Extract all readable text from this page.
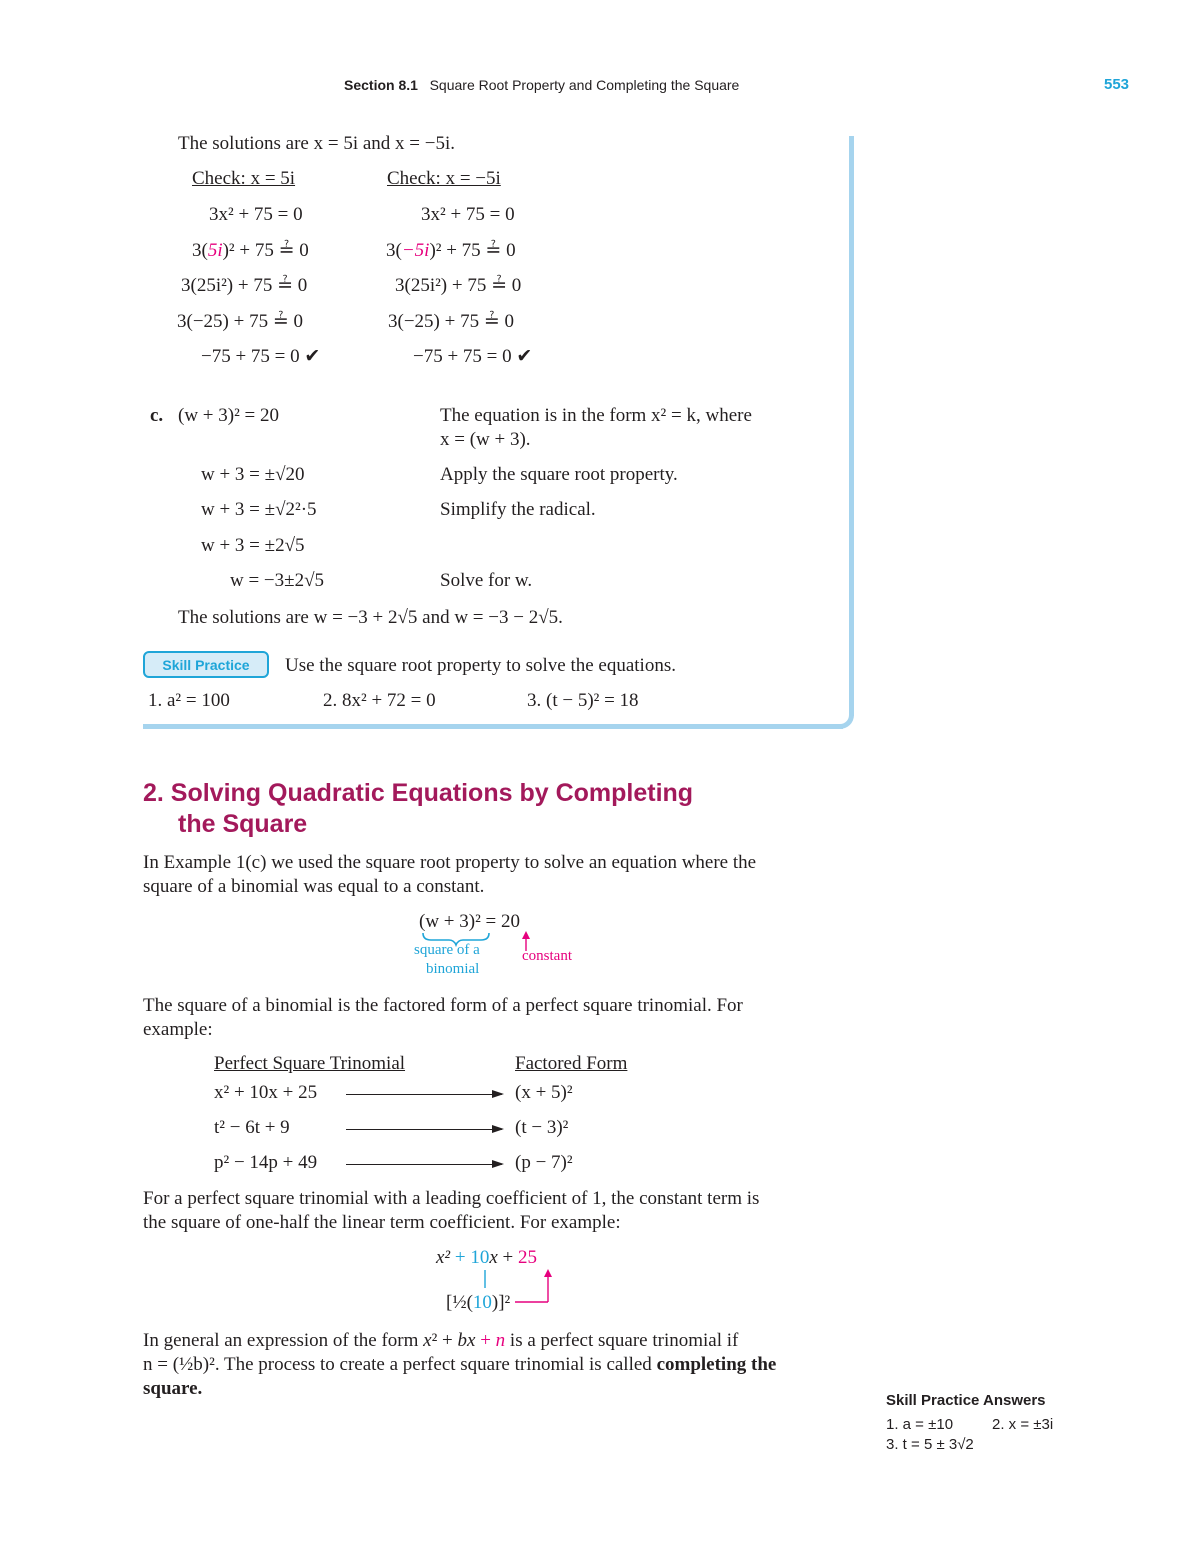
Section 8.1 Square Root Property and Completing the Square	553
The solutions are x = 5i and x = −5i.
Check: x = 5i
3x² + 75 = 0
3(5i)² + 75 ≟ 0
3(25i²) + 75 ≟ 0
3(−25) + 75 ≟ 0
−75 + 75 = 0 ✔
Check: x = −5i
3x² + 75 = 0
3(−5i)² + 75 ≟ 0
3(25i²) + 75 ≟ 0
3(−25) + 75 ≟ 0
−75 + 75 = 0 ✔
c. (w + 3)² = 20	The equation is in the form x² = k, where
x = (w + 3).
w + 3 = ±√20	Apply the square root property.
w + 3 = ±√2²·5	Simplify the radical.
w + 3 = ±2√5
w = −3±2√5	Solve for w.
The solutions are w = −3 + 2√5 and w = −3 − 2√5.
Skill Practice	Use the square root property to solve the equations.
1. a² = 100	2. 8x² + 72 = 0	3. (t − 5)² = 18
2. Solving Quadratic Equations by Completing
the Square
In Example 1(c) we used the square root property to solve an equation where the
square of a binomial was equal to a constant.
(w + 3)² = 20
square of a
binomial
constant
The square of a binomial is the factored form of a perfect square trinomial. For
example:
Perfect Square Trinomial	Factored Form
x² + 10x + 25	(x + 5)²
t² − 6t + 9	(t − 3)²
p² − 14p + 49	(p − 7)²
For a perfect square trinomial with a leading coefficient of 1, the constant term is
the square of one-half the linear term coefficient. For example:
x² + 10x + 25
[½(10)]²
In general an expression of the form x² + bx + n is a perfect square trinomial if
n = (½b)². The process to create a perfect square trinomial is called completing the
square.
Skill Practice Answers
1. a = ±10	2. x = ±3i
3. t = 5 ± 3√2
